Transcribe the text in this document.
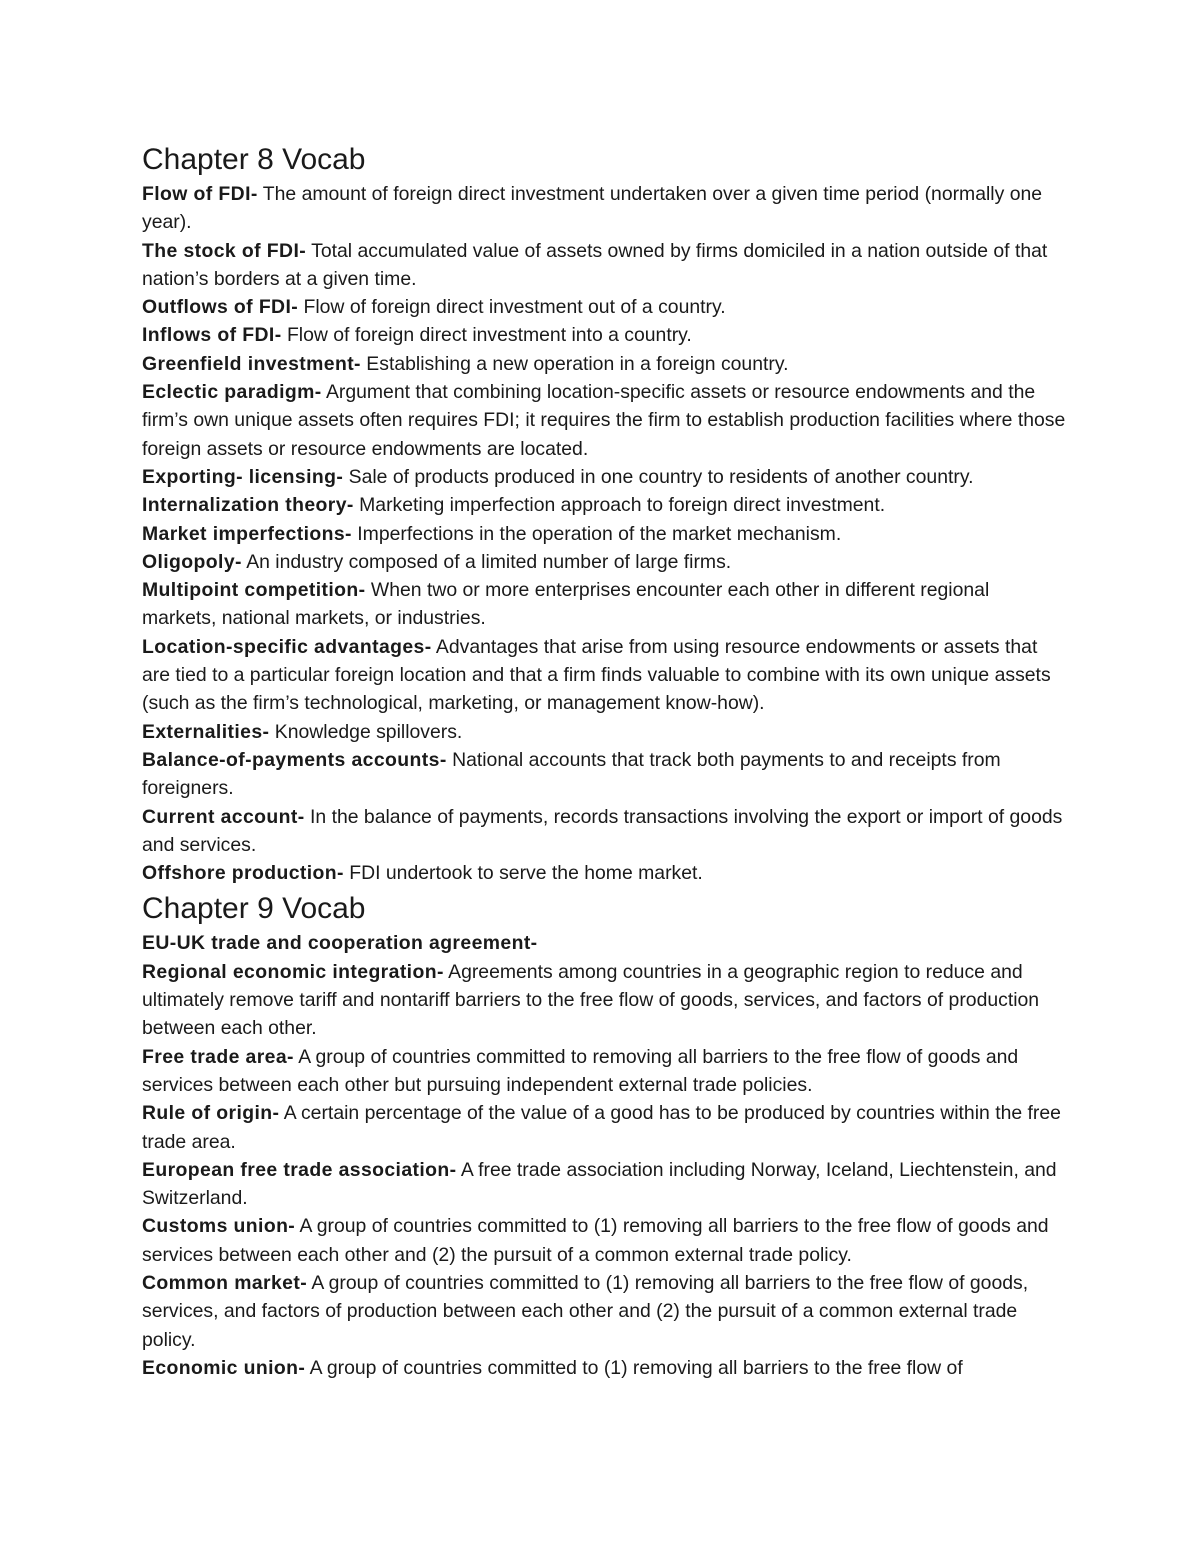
Chapter 8 Vocab
Flow of FDI- The amount of foreign direct investment undertaken over a given time period (normally one year).
The stock of FDI- Total accumulated value of assets owned by firms domiciled in a nation outside of that nation’s borders at a given time.
Outflows of FDI- Flow of foreign direct investment out of a country.
Inflows of FDI- Flow of foreign direct investment into a country.
Greenfield investment- Establishing a new operation in a foreign country.
Eclectic paradigm- Argument that combining location-specific assets or resource endowments and the firm’s own unique assets often requires FDI; it requires the firm to establish production facilities where those foreign assets or resource endowments are located.
Exporting- licensing- Sale of products produced in one country to residents of another country.
Internalization theory- Marketing imperfection approach to foreign direct investment.
Market imperfections- Imperfections in the operation of the market mechanism.
Oligopoly- An industry composed of a limited number of large firms.
Multipoint competition- When two or more enterprises encounter each other in different regional markets, national markets, or industries.
Location-specific advantages- Advantages that arise from using resource endowments or assets that are tied to a particular foreign location and that a firm finds valuable to combine with its own unique assets (such as the firm’s technological, marketing, or management know-how).
Externalities- Knowledge spillovers.
Balance-of-payments accounts- National accounts that track both payments to and receipts from foreigners.
Current account- In the balance of payments, records transactions involving the export or import of goods and services.
Offshore production- FDI undertook to serve the home market.
Chapter 9 Vocab
EU-UK trade and cooperation agreement-
Regional economic integration- Agreements among countries in a geographic region to reduce and ultimately remove tariff and nontariff barriers to the free flow of goods, services, and factors of production between each other.
Free trade area- A group of countries committed to removing all barriers to the free flow of goods and services between each other but pursuing independent external trade policies.
Rule of origin- A certain percentage of the value of a good has to be produced by countries within the free trade area.
European free trade association- A free trade association including Norway, Iceland, Liechtenstein, and Switzerland.
Customs union- A group of countries committed to (1) removing all barriers to the free flow of goods and services between each other and (2) the pursuit of a common external trade policy.
Common market- A group of countries committed to (1) removing all barriers to the free flow of goods, services, and factors of production between each other and (2) the pursuit of a common external trade policy.
Economic union- A group of countries committed to (1) removing all barriers to the free flow of
